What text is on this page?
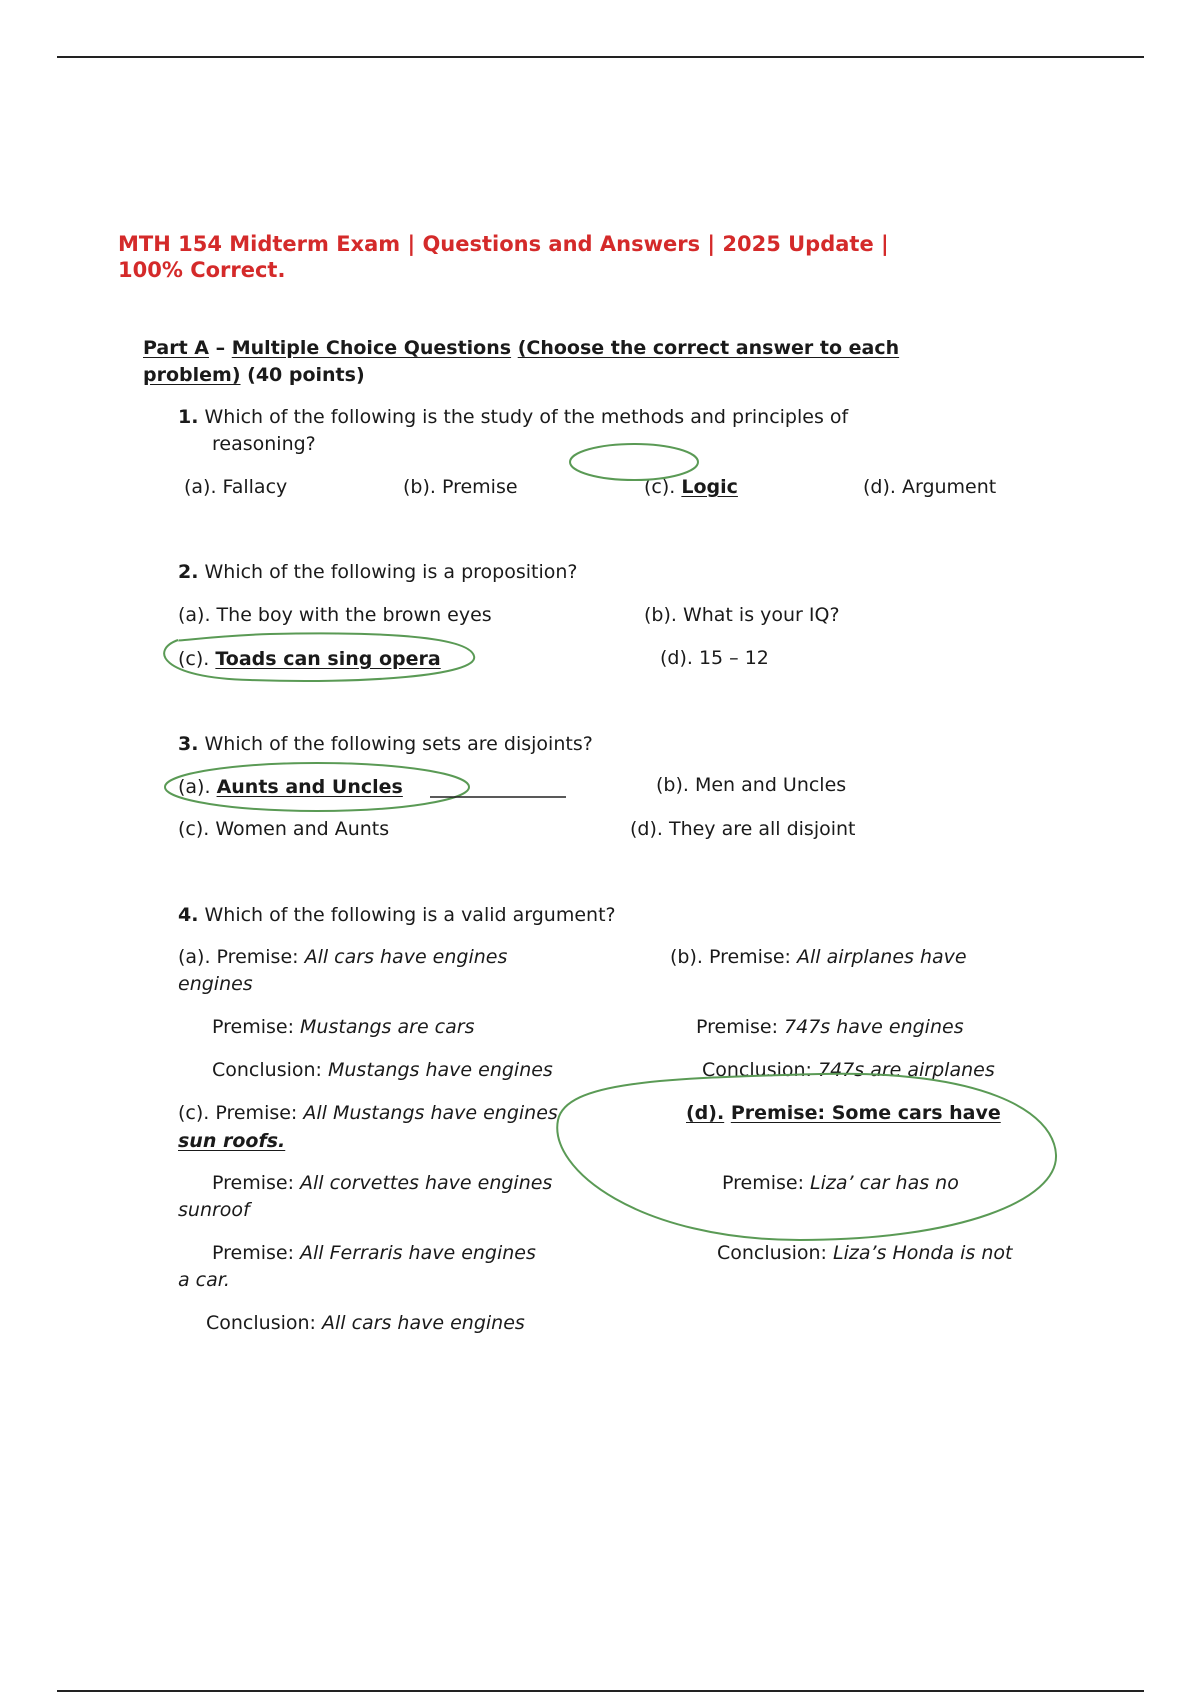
MTH 154 Midterm Exam | Questions and Answers | 2025 Update |
100% Correct.
Part A – Multiple Choice Questions (Choose the correct answer to each
problem) (40 points)
1. Which of the following is the study of the methods and principles of
reasoning?
(a). Fallacy	(b). Premise	(c). Logic	(d). Argument
2. Which of the following is a proposition?
(a). The boy with the brown eyes	(b). What is your IQ?
(c). Toads can sing opera	(d). 15 – 12
3. Which of the following sets are disjoints?
(a). Aunts and Uncles	(b). Men and Uncles
(c). Women and Aunts	(d). They are all disjoint
4. Which of the following is a valid argument?
(a). Premise: All cars have engines
engines
Premise: Mustangs are cars
Conclusion: Mustangs have engines
(b). Premise: All airplanes have
Premise: 747s have engines
Conclusion: 747s are airplanes
(c). Premise: All Mustangs have engines
sun roofs.
Premise: All corvettes have engines
sunroof
Premise: All Ferraris have engines
a car.
Conclusion: All cars have engines
(d). Premise: Some cars have
Premise: Liza’ car has no
Conclusion: Liza’s Honda is not
